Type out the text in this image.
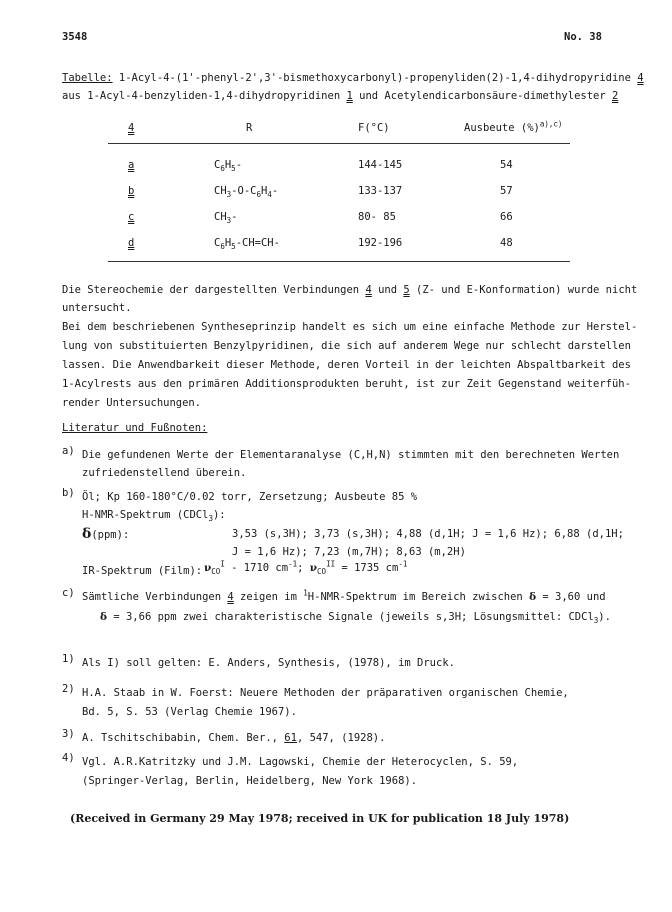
3548	No. 38
Tabelle: 1-Acyl-4-(1'-phenyl-2',3'-bismethoxycarbonyl)-propenyliden(2)-1,4-dihydropyridine 4
aus 1-Acyl-4-benzyliden-1,4-dihydropyridinen 1 und Acetylendicarbonsäure-dimethylester 2
4	R	F(°C)	Ausbeute (%)$^{a),c)}$
a	$C_6H_5-$	144-145	54
b	$CH_3-O-C_6H_4-$	133-137	57
c	$CH_3-$	80- 85	66
d	$C_6H_5-CH=CH-$	192-196	48
Die Stereochemie der dargestellten Verbindungen 4 und 5 (Z- und E-Konformation) wurde nicht
untersucht.
Bei dem beschriebenen Syntheseprinzip handelt es sich um eine einfache Methode zur Herstel-
lung von substituierten Benzylpyridinen, die sich auf anderem Wege nur schlecht darstellen
lassen. Die Anwendbarkeit dieser Methode, deren Vorteil in der leichten Abspaltbarkeit des
1-Acylrests aus den primären Additionsprodukten beruht, ist zur Zeit Gegenstand weiterfüh-
render Untersuchungen.
Literatur und Fußnoten:
a) Die gefundenen Werte der Elementaranalyse (C,H,N) stimmten mit den berechneten Werten
zufriedenstellend überein.
b) Öl; Kp 160-180°C/0.02 torr, Zersetzung; Ausbeute 85 %
H-NMR-Spektrum (CDCl$_3$):
δ(ppm):	3,53 (s,3H); 3,73 (s,3H); 4,88 (d,1H; J = 1,6 Hz); 6,88 (d,1H;
J = 1,6 Hz); 7,23 (m,7H); 8,63 (m,2H)
IR-Spektrum (Film): $\nu_{CO}^I - 1710$ $cm^{-1}$; $\nu_{CO}^{II} = 1735$ $cm^{-1}$
c) Sämtliche Verbindungen 4 zeigen im $^1$H-NMR-Spektrum im Bereich zwischen δ = 3,60 und
δ = 3,66 ppm zwei charakteristische Signale (jeweils s,3H; Lösungsmittel: CDCl$_3$).
1) Als I) soll gelten: E. Anders, Synthesis, (1978), im Druck.
2) H.A. Staab in W. Foerst: Neuere Methoden der präparativen organischen Chemie,
Bd. 5, S. 53 (Verlag Chemie 1967).
3) A. Tschitschibabin, Chem. Ber., 61, 547, (1928).
4) Vgl. A.R.Katritzky und J.M. Lagowski, Chemie der Heterocyclen, S. 59,
(Springer-Verlag, Berlin, Heidelberg, New York 1968).
(Received in Germany 29 May 1978; received in UK for publication 18 July 1978)
